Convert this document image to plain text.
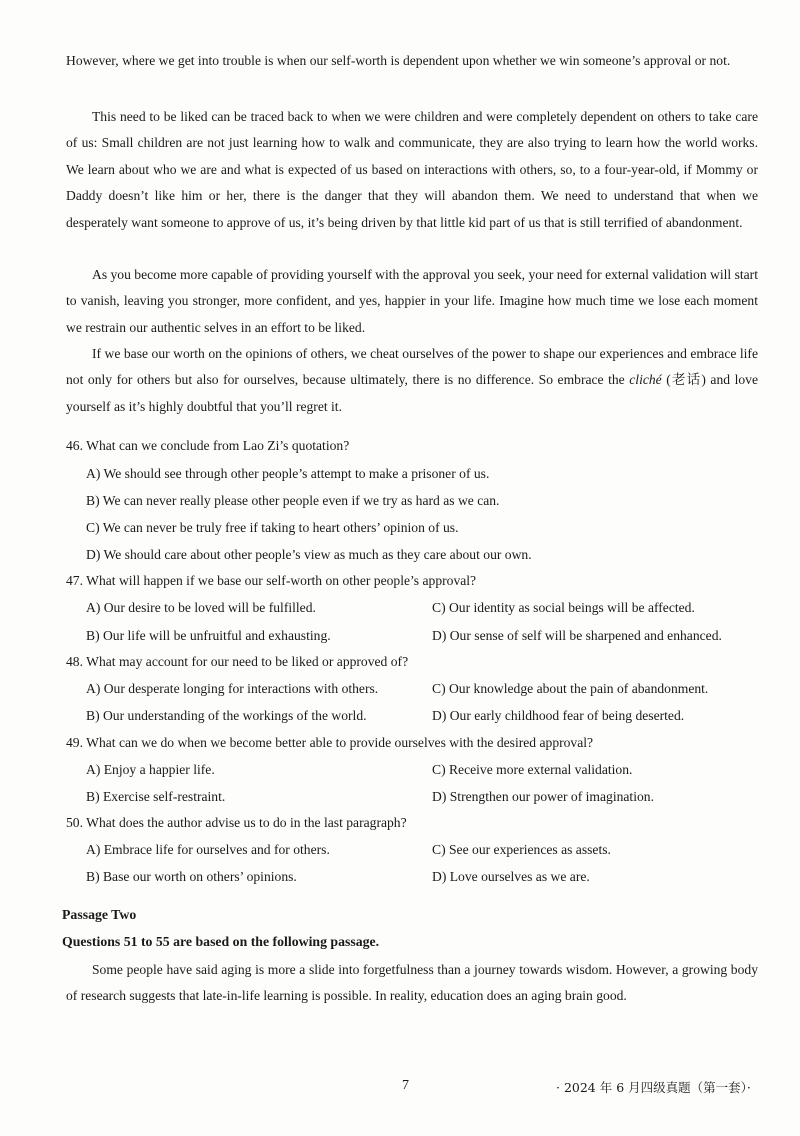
However, where we get into trouble is when our self-worth is dependent upon whether we win someone’s approval or not.

This need to be liked can be traced back to when we were children and were completely dependent on others to take care of us: Small children are not just learning how to walk and communicate, they are also trying to learn how the world works. We learn about who we are and what is expected of us based on interactions with others, so, to a four-year-old, if Mommy or Daddy doesn’t like him or her, there is the danger that they will abandon them. We need to understand that when we desperately want someone to approve of us, it’s being driven by that little kid part of us that is still terrified of abandonment.

As you become more capable of providing yourself with the approval you seek, your need for external validation will start to vanish, leaving you stronger, more confident, and yes, happier in your life. Imagine how much time we lose each moment we restrain our authentic selves in an effort to be liked.

If we base our worth on the opinions of others, we cheat ourselves of the power to shape our experiences and embrace life not only for others but also for ourselves, because ultimately, there is no difference. So embrace the cliché (老话) and love yourself as it’s highly doubtful that you’ll regret it.

46. What can we conclude from Lao Zi’s quotation?

A) We should see through other people’s attempt to make a prisoner of us.

B) We can never really please other people even if we try as hard as we can.

C) We can never be truly free if taking to heart others’ opinion of us.

D) We should care about other people’s view as much as they care about our own.

47. What will happen if we base our self-worth on other people’s approval?

A) Our desire to be loved will be fulfilled.	C) Our identity as social beings will be affected.

B) Our life will be unfruitful and exhausting.	D) Our sense of self will be sharpened and enhanced.

48. What may account for our need to be liked or approved of?

A) Our desperate longing for interactions with others.	C) Our knowledge about the pain of abandonment.

B) Our understanding of the workings of the world.	D) Our early childhood fear of being deserted.

49. What can we do when we become better able to provide ourselves with the desired approval?

A) Enjoy a happier life.	C) Receive more external validation.

B) Exercise self-restraint.	D) Strengthen our power of imagination.

50. What does the author advise us to do in the last paragraph?

A) Embrace life for ourselves and for others.	C) See our experiences as assets.

B) Base our worth on others’ opinions.	D) Love ourselves as we are.

Passage Two

Questions 51 to 55 are based on the following passage.

Some people have said aging is more a slide into forgetfulness than a journey towards wisdom. However, a growing body of research suggests that late-in-life learning is possible. In reality, education does an aging brain good.

7	· 2024 年 6 月四级真题（第一套）·
